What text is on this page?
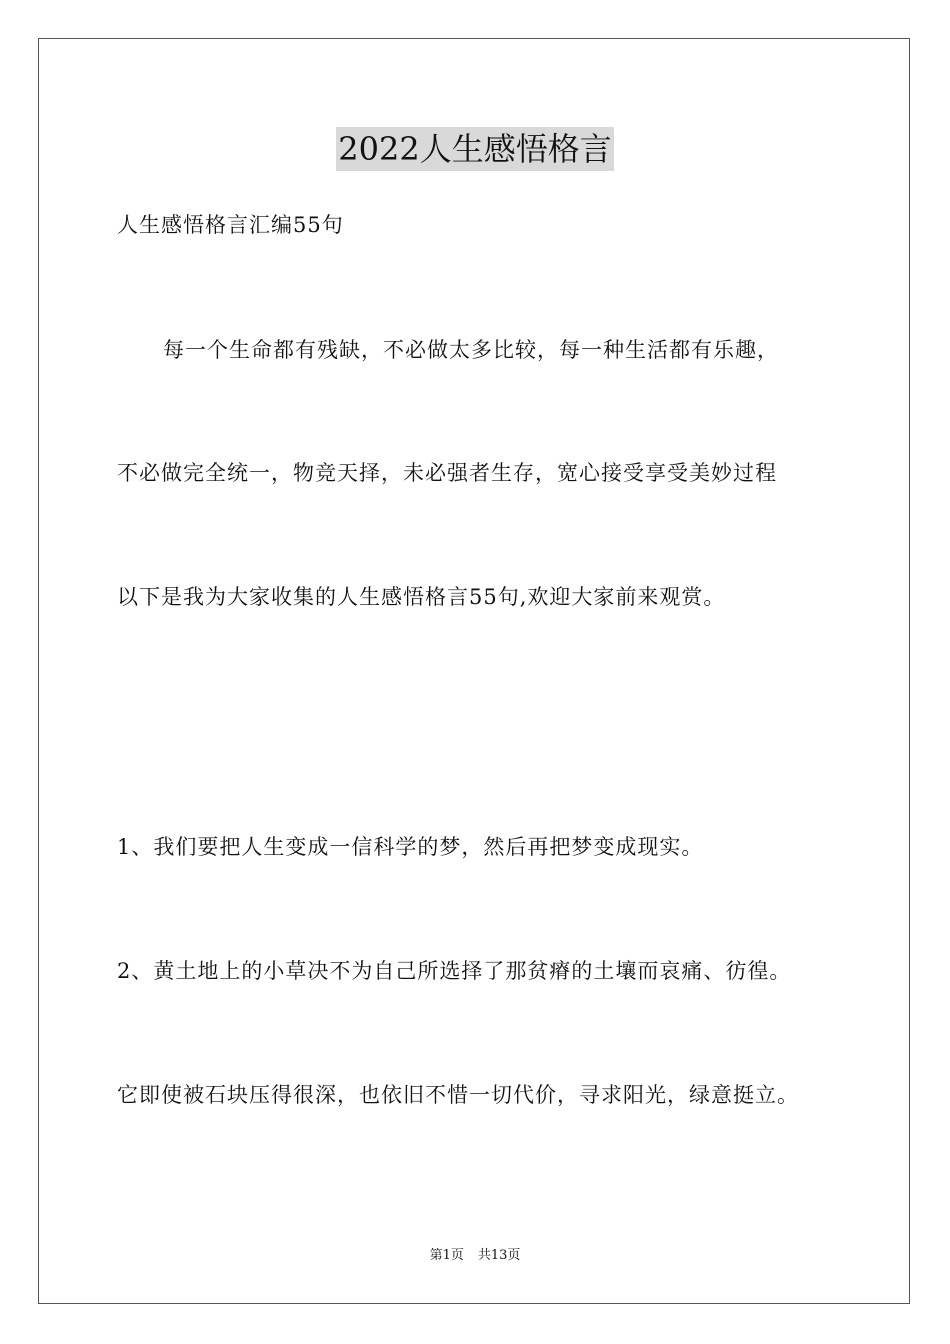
2022人生感悟格言
人生感悟格言汇编55句
每一个生命都有残缺，不必做太多比较，每一种生活都有乐趣，
不必做完全统一，物竞天择，未必强者生存，宽心接受享受美妙过程
以下是我为大家收集的人生感悟格言55句,欢迎大家前来观赏。
1、我们要把人生变成一信科学的梦，然后再把梦变成现实。
2、黄土地上的小草决不为自己所选择了那贫瘠的土壤而哀痛、彷徨。
它即使被石块压得很深，也依旧不惜一切代价，寻求阳光，绿意挺立。
第1页 共13页
